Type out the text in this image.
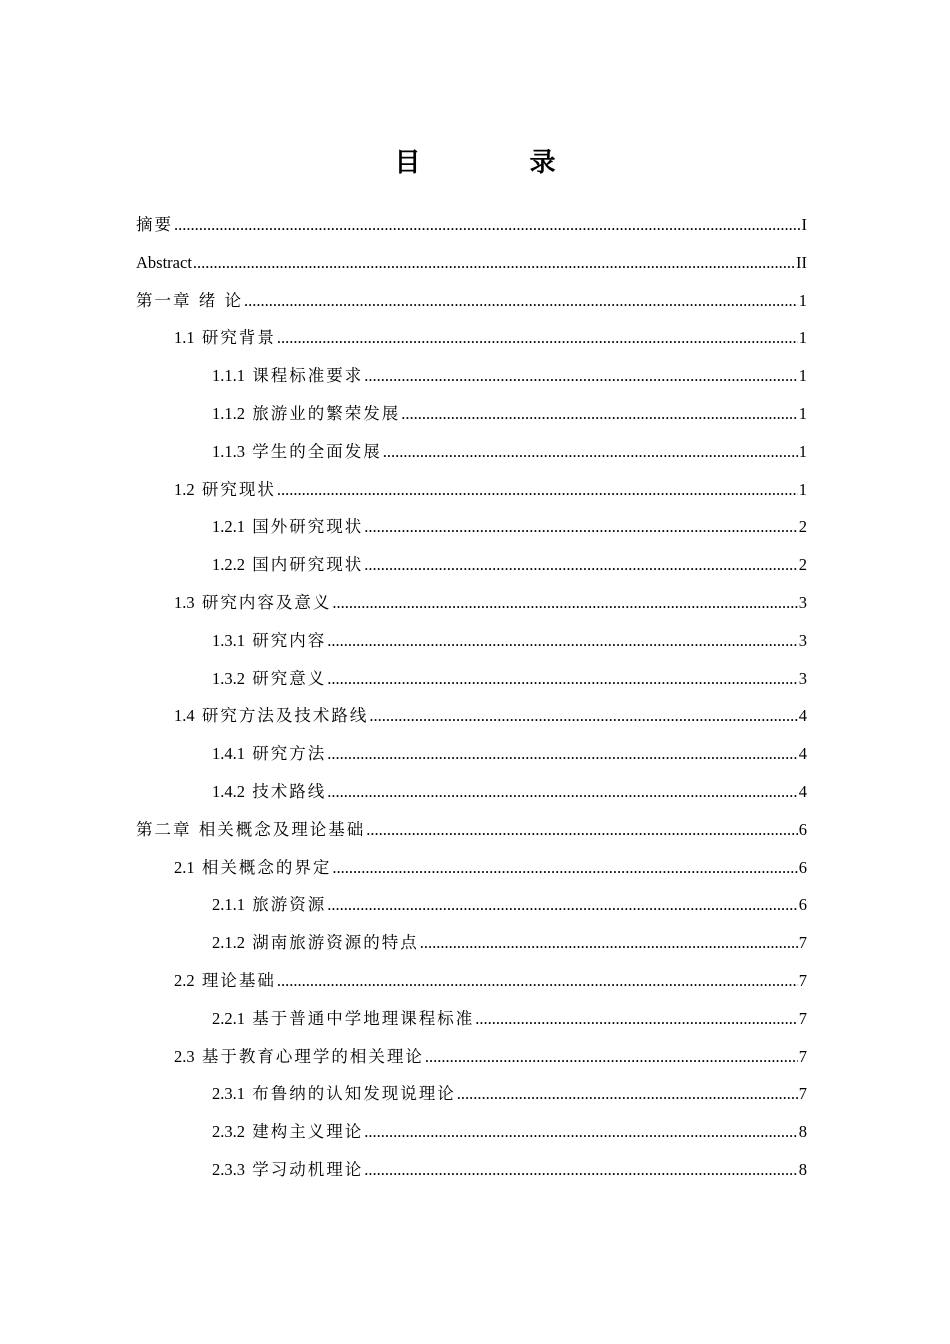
目 录
摘要 .....	I
Abstract .....	II
第一章 绪 论 .....	1
1.1 研究背景 .....	1
1.1.1 课程标准要求 .....	1
1.1.2 旅游业的繁荣发展 .....	1
1.1.3 学生的全面发展 .....	1
1.2 研究现状 .....	1
1.2.1 国外研究现状 .....	2
1.2.2 国内研究现状 .....	2
1.3 研究内容及意义 .....	3
1.3.1 研究内容 .....	3
1.3.2 研究意义 .....	3
1.4 研究方法及技术路线 .....	4
1.4.1 研究方法 .....	4
1.4.2 技术路线 .....	4
第二章 相关概念及理论基础 .....	6
2.1 相关概念的界定 .....	6
2.1.1 旅游资源 .....	6
2.1.2 湖南旅游资源的特点 .....	7
2.2 理论基础 .....	7
2.2.1 基于普通中学地理课程标准 .....	7
2.3 基于教育心理学的相关理论 .....	7
2.3.1 布鲁纳的认知发现说理论 .....	7
2.3.2 建构主义理论 .....	8
2.3.3 学习动机理论 .....	8
